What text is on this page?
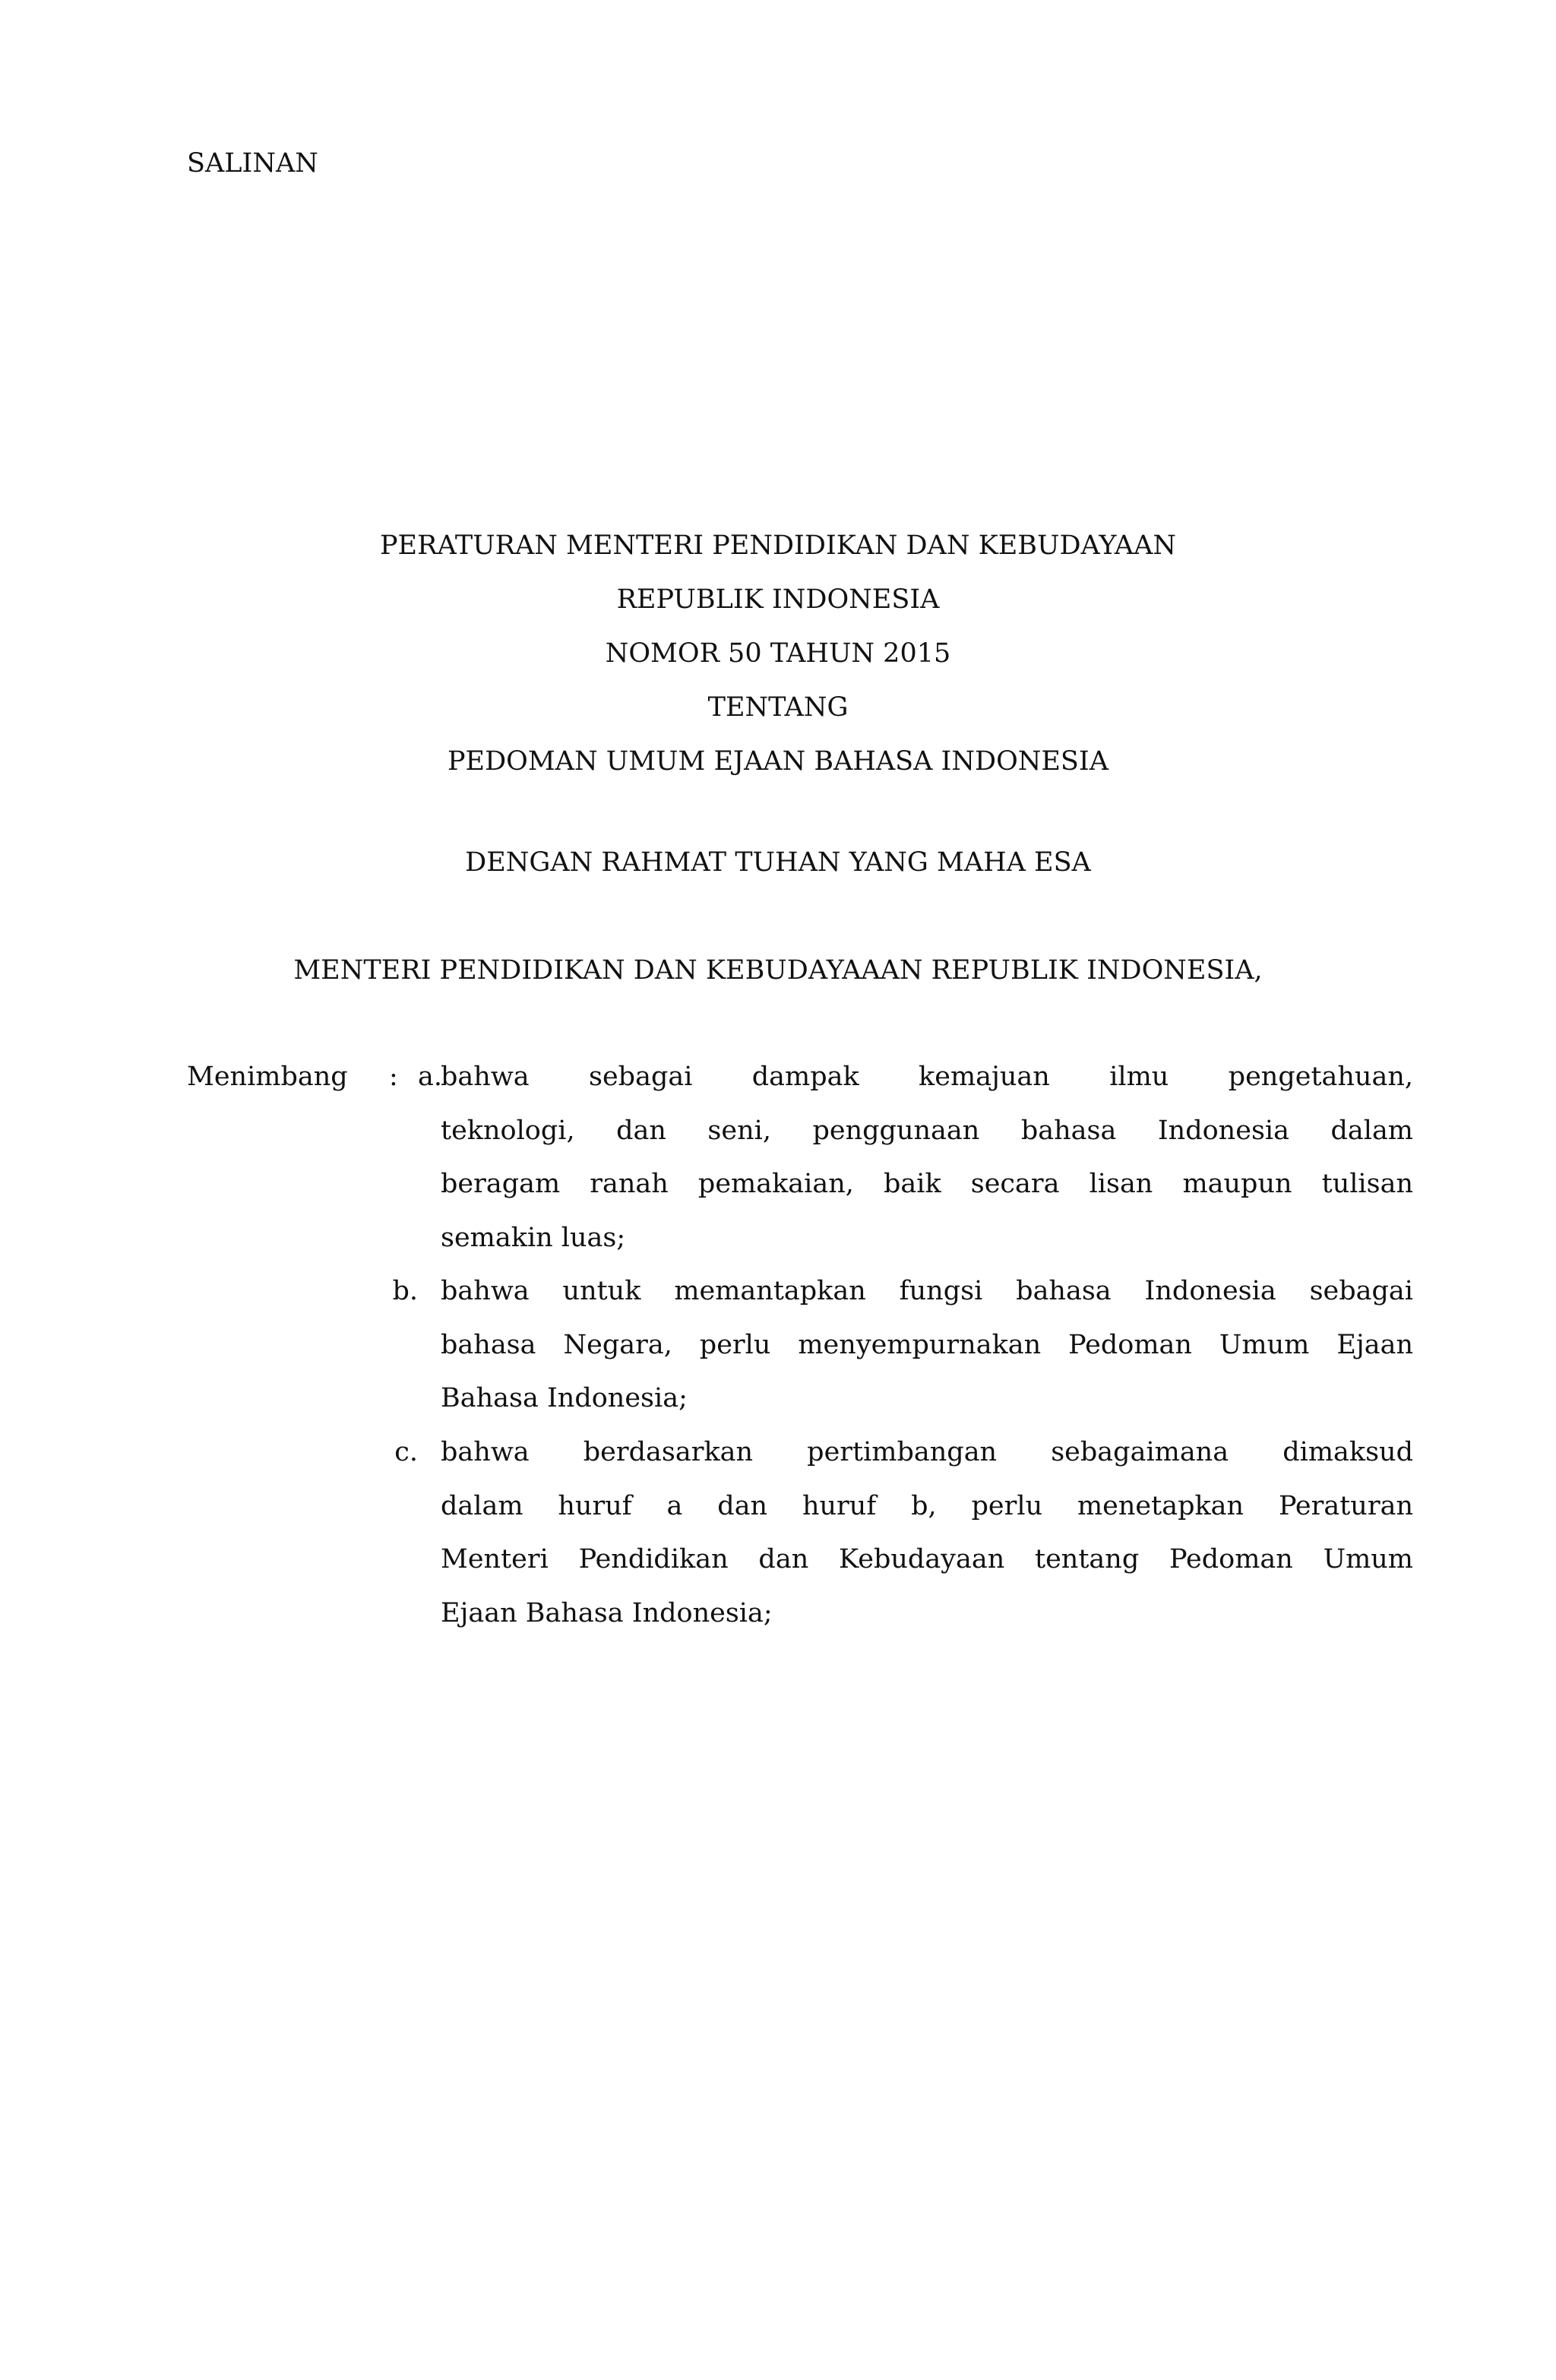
SALINAN
PERATURAN MENTERI PENDIDIKAN DAN KEBUDAYAAN
REPUBLIK INDONESIA
NOMOR 50 TAHUN 2015
TENTANG
PEDOMAN UMUM EJAAN BAHASA INDONESIA
DENGAN RAHMAT TUHAN YANG MAHA ESA
MENTERI PENDIDIKAN DAN KEBUDAYAAAN REPUBLIK INDONESIA,
Menimbang : a.
bahwa sebagai dampak kemajuan ilmu pengetahuan,
teknologi, dan seni, penggunaan bahasa Indonesia dalam
beragam ranah pemakaian, baik secara lisan maupun tulisan
semakin luas;
b. bahwa untuk memantapkan fungsi bahasa Indonesia sebagai
bahasa Negara, perlu menyempurnakan Pedoman Umum Ejaan
Bahasa Indonesia;
c. bahwa berdasarkan pertimbangan sebagaimana dimaksud
dalam huruf a dan huruf b, perlu menetapkan Peraturan
Menteri Pendidikan dan Kebudayaan tentang Pedoman Umum
Ejaan Bahasa Indonesia;
